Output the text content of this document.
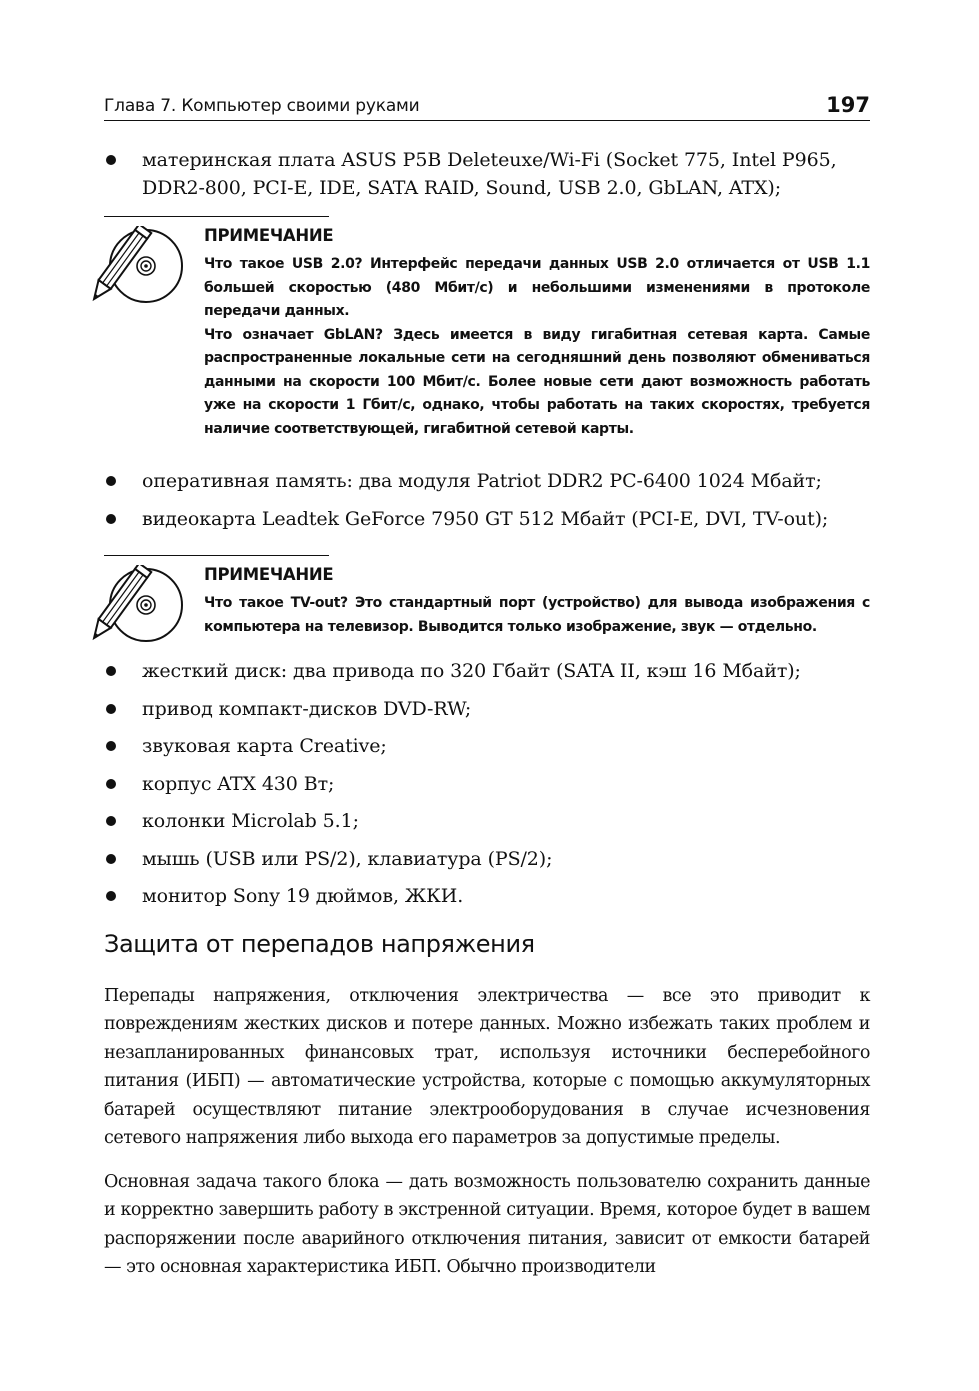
Глава 7. Компьютер своими руками	197
материнская плата ASUS P5B Deleteuxe/Wi-Fi (Socket 775, Intel P965, DDR2-800, PCI-E, IDE, SATA RAID, Sound, USB 2.0, GbLAN, ATX);
ПРИМЕЧАНИЕ

Что такое USB 2.0? Интерфейс передачи данных USB 2.0 отличается от USB 1.1 большей скоростью (480 Мбит/с) и небольшими изменениями в протоколе передачи данных.

Что означает GbLAN? Здесь имеется в виду гигабитная сетевая карта. Самые распространенные локальные сети на сегодняшний день позволяют обмениваться данными на скорости 100 Мбит/с. Более новые сети дают возможность работать уже на скорости 1 Гбит/с, однако, чтобы работать на таких скоростях, требуется наличие соответствующей, гигабитной сетевой карты.

оперативная память: два модуля Patriot DDR2 PC-6400 1024 Мбайт;
видеокарта Leadtek GeForce 7950 GT 512 Мбайт (PCI-E, DVI, TV-out);
ПРИМЕЧАНИЕ

Что такое TV-out? Это стандартный порт (устройство) для вывода изображения с компьютера на телевизор. Выводится только изображение, звук — отдельно.

жесткий диск: два привода по 320 Гбайт (SATA II, кэш 16 Мбайт);
привод компакт-дисков DVD-RW;
звуковая карта Creative;
корпус ATX 430 Вт;
колонки Microlab 5.1;
мышь (USB или PS/2), клавиатура (PS/2);
монитор Sony 19 дюймов, ЖКИ.
Защита от перепадов напряжения

Перепады напряжения, отключения электричества — все это приводит к повреждениям жестких дисков и потере данных. Можно избежать таких проблем и незапланированных финансовых трат, используя источники бесперебойного питания (ИБП) — автоматические устройства, которые с помощью аккумуляторных батарей осуществляют питание электрооборудования в случае исчезновения сетевого напряжения либо выхода его параметров за допустимые пределы.

Основная задача такого блока — дать возможность пользователю сохранить данные и корректно завершить работу в экстренной ситуации. Время, которое будет в вашем распоряжении после аварийного отключения питания, зависит от емкости батарей — это основная характеристика ИБП. Обычно производители
